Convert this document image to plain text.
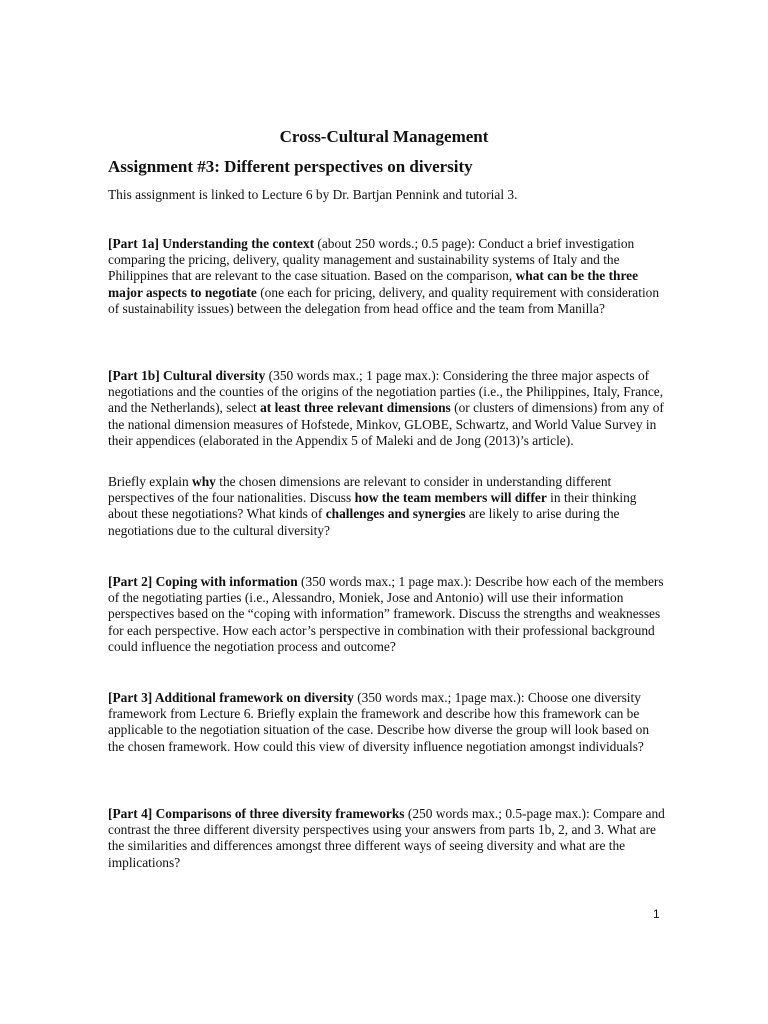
Cross-Cultural Management
Assignment #3: Different perspectives on diversity
This assignment is linked to Lecture 6 by Dr. Bartjan Pennink and tutorial 3.

[Part 1a] Understanding the context (about 250 words.; 0.5 page): Conduct a brief investigation comparing the pricing, delivery, quality management and sustainability systems of Italy and the Philippines that are relevant to the case situation. Based on the comparison, what can be the three major aspects to negotiate (one each for pricing, delivery, and quality requirement with consideration of sustainability issues) between the delegation from head office and the team from Manilla?

[Part 1b] Cultural diversity (350 words max.; 1 page max.): Considering the three major aspects of negotiations and the counties of the origins of the negotiation parties (i.e., the Philippines, Italy, France, and the Netherlands), select at least three relevant dimensions (or clusters of dimensions) from any of the national dimension measures of Hofstede, Minkov, GLOBE, Schwartz, and World Value Survey in their appendices (elaborated in the Appendix 5 of Maleki and de Jong (2013)’s article).

Briefly explain why the chosen dimensions are relevant to consider in understanding different perspectives of the four nationalities. Discuss how the team members will differ in their thinking about these negotiations? What kinds of challenges and synergies are likely to arise during the negotiations due to the cultural diversity?

[Part 2] Coping with information (350 words max.; 1 page max.): Describe how each of the members of the negotiating parties (i.e., Alessandro, Moniek, Jose and Antonio) will use their information perspectives based on the “coping with information” framework. Discuss the strengths and weaknesses for each perspective. How each actor’s perspective in combination with their professional background could influence the negotiation process and outcome?

[Part 3] Additional framework on diversity (350 words max.; 1page max.): Choose one diversity framework from Lecture 6. Briefly explain the framework and describe how this framework can be applicable to the negotiation situation of the case. Describe how diverse the group will look based on the chosen framework. How could this view of diversity influence negotiation amongst individuals?

[Part 4] Comparisons of three diversity frameworks (250 words max.; 0.5-page max.): Compare and contrast the three different diversity perspectives using your answers from parts 1b, 2, and 3. What are the similarities and differences amongst three different ways of seeing diversity and what are the implications?

1
